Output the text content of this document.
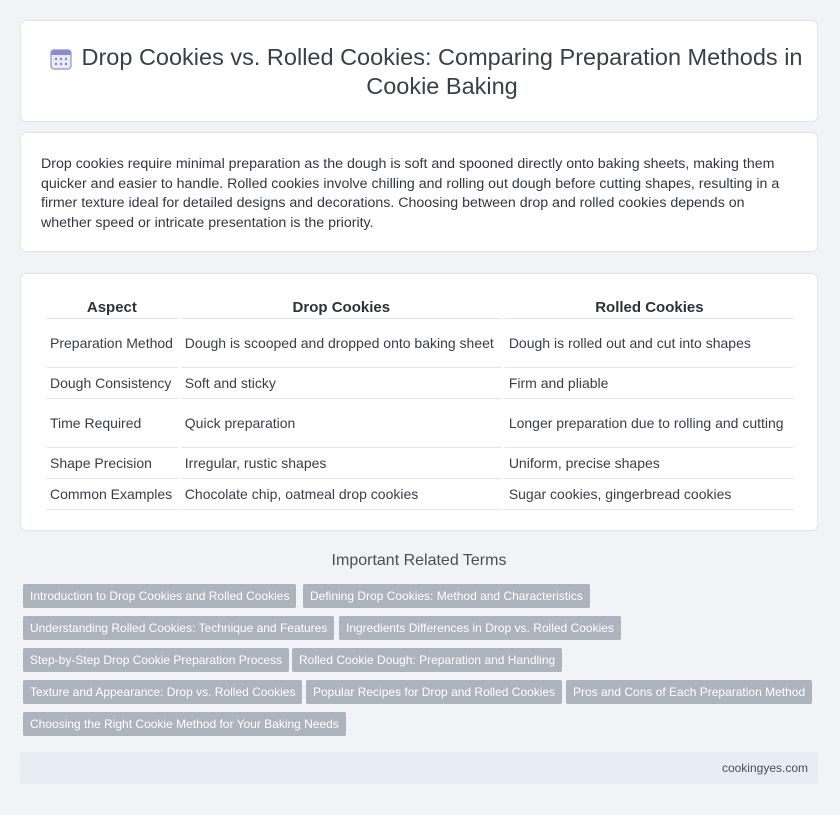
Drop Cookies vs. Rolled Cookies: Comparing Preparation Methods in Cookie Baking
Drop cookies require minimal preparation as the dough is soft and spooned directly onto baking sheets, making them quicker and easier to handle. Rolled cookies involve chilling and rolling out dough before cutting shapes, resulting in a firmer texture ideal for detailed designs and decorations. Choosing between drop and rolled cookies depends on whether speed or intricate presentation is the priority.
Aspect	Drop Cookies	Rolled Cookies
Preparation Method	Dough is scooped and dropped onto baking sheet	Dough is rolled out and cut into shapes
Dough Consistency	Soft and sticky	Firm and pliable
Time Required	Quick preparation	Longer preparation due to rolling and cutting
Shape Precision	Irregular, rustic shapes	Uniform, precise shapes
Common Examples	Chocolate chip, oatmeal drop cookies	Sugar cookies, gingerbread cookies
Important Related Terms
Introduction to Drop Cookies and Rolled Cookies	Defining Drop Cookies: Method and Characteristics
Understanding Rolled Cookies: Technique and Features	Ingredients Differences in Drop vs. Rolled Cookies
Step-by-Step Drop Cookie Preparation Process	Rolled Cookie Dough: Preparation and Handling
Texture and Appearance: Drop vs. Rolled Cookies	Popular Recipes for Drop and Rolled Cookies	Pros and Cons of Each Preparation Method
Choosing the Right Cookie Method for Your Baking Needs
cookingyes.com
